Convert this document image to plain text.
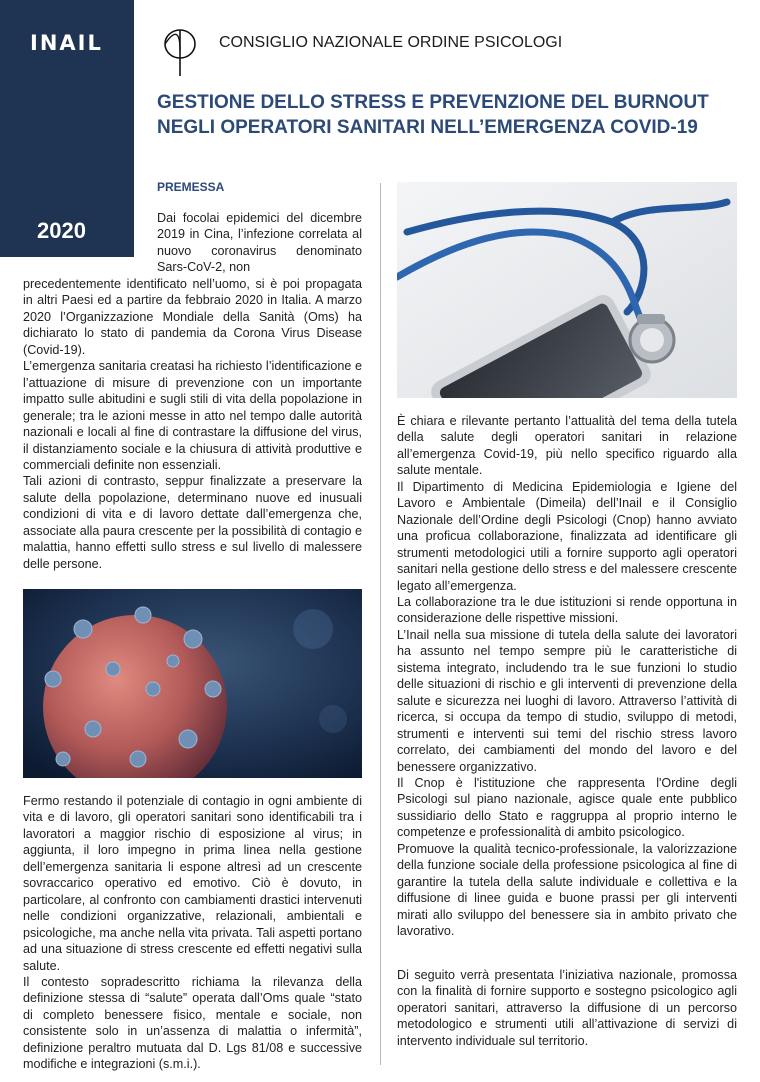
INAIL
2020
CONSIGLIO NAZIONALE ORDINE PSICOLOGI
GESTIONE DELLO STRESS E PREVENZIONE DEL BURNOUT
NEGLI OPERATORI SANITARI NELL’EMERGENZA COVID-19
PREMESSA

Dai focolai epidemici del dicembre 2019 in Cina, l’infezione correlata al nuovo coronavirus denominato Sars-CoV-2, non

precedentemente identificato nell’uomo, si è poi propagata in altri Paesi ed a partire da febbraio 2020 in Italia. A marzo 2020 l’Organizzazione Mondiale della Sanità (Oms) ha dichiarato lo stato di pandemia da Corona Virus Disease (Covid-19).

L’emergenza sanitaria creatasi ha richiesto l’identificazione e l’attuazione di misure di prevenzione con un importante impatto sulle abitudini e sugli stili di vita della popolazione in generale; tra le azioni messe in atto nel tempo dalle autorità nazionali e locali al fine di contrastare la diffusione del virus, il distanziamento sociale e la chiusura di attività produttive e commerciali definite non essenziali.

Tali azioni di contrasto, seppur finalizzate a preservare la salute della popolazione, determinano nuove ed inusuali condizioni di vita e di lavoro dettate dall’emergenza che, associate alla paura crescente per la possibilità di contagio e malattia, hanno effetti sullo stress e sul livello di malessere delle persone.

Fermo restando il potenziale di contagio in ogni ambiente di vita e di lavoro, gli operatori sanitari sono identificabili tra i lavoratori a maggior rischio di esposizione al virus; in aggiunta, il loro impegno in prima linea nella gestione dell’emergenza sanitaria li espone altresì ad un crescente sovraccarico operativo ed emotivo. Ciò è dovuto, in particolare, al confronto con cambiamenti drastici intervenuti nelle condizioni organizzative, relazionali, ambientali e psicologiche, ma anche nella vita privata. Tali aspetti portano ad una situazione di stress crescente ed effetti negativi sulla salute.

Il contesto sopradescritto richiama la rilevanza della definizione stessa di “salute” operata dall’Oms quale “stato di completo benessere fisico, mentale e sociale, non consistente solo in un’assenza di malattia o infermità”, definizione peraltro mutuata dal D. Lgs 81/08 e successive modifiche e integrazioni (s.m.i.).

È chiara e rilevante pertanto l’attualità del tema della tutela della salute degli operatori sanitari in relazione all’emergenza Covid-19, più nello specifico riguardo alla salute mentale.

Il Dipartimento di Medicina Epidemiologia e Igiene del Lavoro e Ambientale (Dimeila) dell’Inail e il Consiglio Nazionale dell’Ordine degli Psicologi (Cnop) hanno avviato una proficua collaborazione, finalizzata ad identificare gli strumenti metodologici utili a fornire supporto agli operatori sanitari nella gestione dello stress e del malessere crescente legato all’emergenza.

La collaborazione tra le due istituzioni si rende opportuna in considerazione delle rispettive missioni.

L’Inail nella sua missione di tutela della salute dei lavoratori ha assunto nel tempo sempre più le caratteristiche di sistema integrato, includendo tra le sue funzioni lo studio delle situazioni di rischio e gli interventi di prevenzione della salute e sicurezza nei luoghi di lavoro. Attraverso l’attività di ricerca, si occupa da tempo di studio, sviluppo di metodi, strumenti e interventi sui temi del rischio stress lavoro correlato, dei cambiamenti del mondo del lavoro e del benessere organizzativo.

Il Cnop è l'istituzione che rappresenta l'Ordine degli Psicologi sul piano nazionale, agisce quale ente pubblico sussidiario dello Stato e raggruppa al proprio interno le competenze e professionalità di ambito psicologico.

Promuove la qualità tecnico-professionale, la valorizzazione della funzione sociale della professione psicologica al fine di garantire la tutela della salute individuale e collettiva e la diffusione di linee guida e buone prassi per gli interventi mirati allo sviluppo del benessere sia in ambito privato che lavorativo.

Di seguito verrà presentata l’iniziativa nazionale, promossa con la finalità di fornire supporto e sostegno psicologico agli operatori sanitari, attraverso la diffusione di un percorso metodologico e strumenti utili all’attivazione di servizi di intervento individuale sul territorio.
